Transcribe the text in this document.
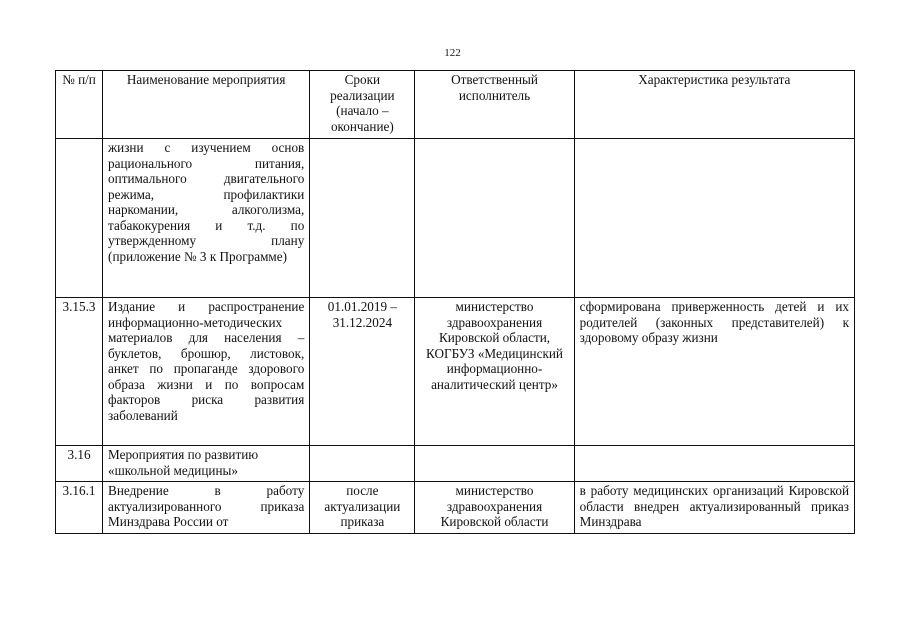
122
№ п/п	Наименование мероприятия	Сроки реализации (начало – окончание)	Ответственный исполнитель	Характеристика результата
	жизни с изучением основ рационального питания, оптимального двигательного режима, профилактики наркомании, алкоголизма, табакокурения и т.д. по утвержденному плану (приложение № 3 к Программе)			
3.15.3	Издание и распространение информационно-методических материалов для населения – буклетов, брошюр, листовок, анкет по пропаганде здорового образа жизни и по вопросам факторов риска развития заболеваний	01.01.2019 – 31.12.2024	министерство здравоохранения Кировской области, КОГБУЗ «Медицинский информационно-аналитический центр»	сформирована приверженность детей и их родителей (законных представителей) к здоровому образу жизни
3.16	Мероприятия по развитию «школьной медицины»			
3.16.1	Внедрение в работу актуализированного приказа Минздрава России от	после актуализации приказа	министерство здравоохранения Кировской области	в работу медицинских организаций Кировской области внедрен актуализированный приказ Минздрава
